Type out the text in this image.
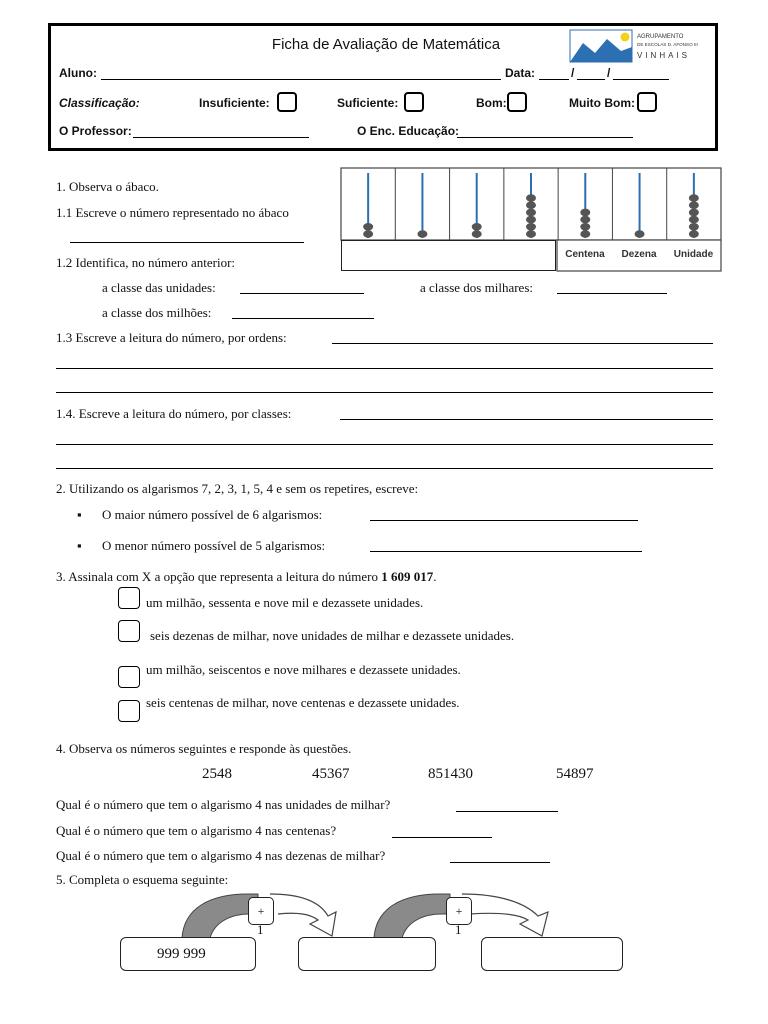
Ficha de Avaliação de Matemática	AGRUPAMENTO
DE ESCOLAS D. AFONSO III
VINHAIS
Aluno:	Data:	/	/
Classificação:	Insuficiente:	Suficiente:	Bom:	Muito Bom:
O Professor:	O Enc. Educação:
1. Observa o ábaco.
1.1 Escreve o número representado no ábaco
1.2 Identifica, no número anterior:
a classe das unidades:	a classe dos milhares:
a classe dos milhões:
1.3 Escreve a leitura do número, por ordens:
1.4. Escreve a leitura do número, por classes:
Centena	Dezena	Unidade
2. Utilizando os algarismos 7, 2, 3, 1, 5, 4 e sem os repetires, escreve:
▪ O maior número possível de 6 algarismos:
▪ O menor número possível de 5 algarismos:
3. Assinala com X a opção que representa a leitura do número 1 609 017.
um milhão, sessenta e nove mil e dezassete unidades.
seis dezenas de milhar, nove unidades de milhar e dezassete unidades.
um milhão, seiscentos e nove milhares e dezassete unidades.
seis centenas de milhar, nove centenas e dezassete unidades.
4. Observa os números seguintes e responde às questões.
2548	45367	851430	54897
Qual é o número que tem o algarismo 4 nas unidades de milhar?
Qual é o número que tem o algarismo 4 nas centenas?
Qual é o número que tem o algarismo 4 nas dezenas de milhar?
5. Completa o esquema seguinte:
+
1
+
1
999 999
